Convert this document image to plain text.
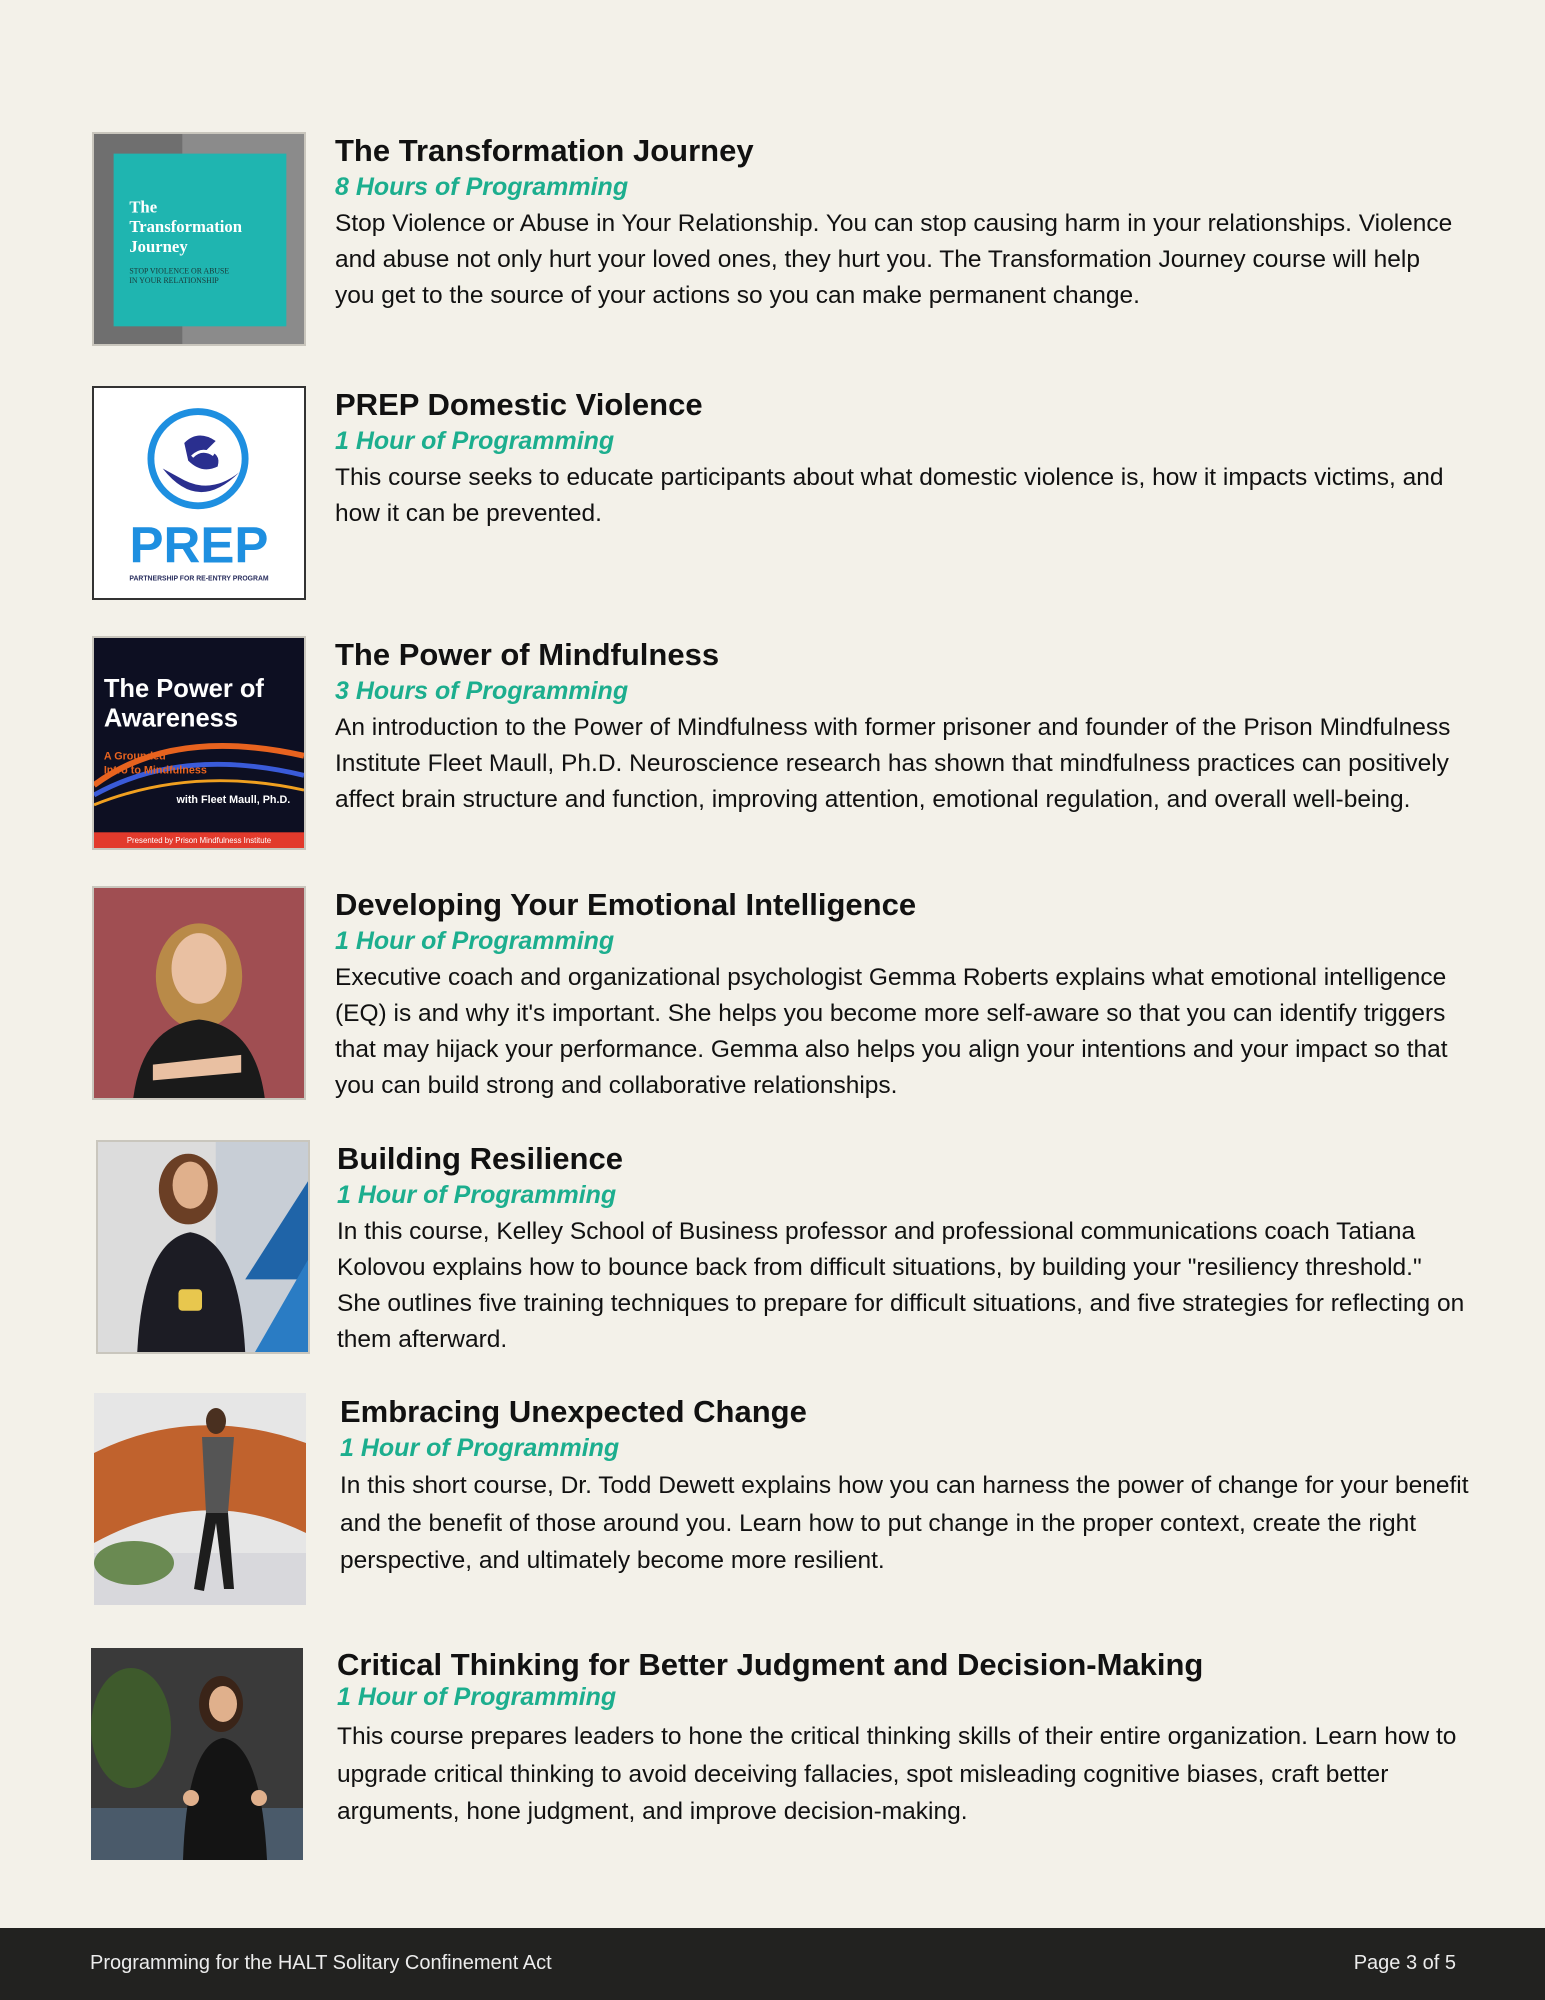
The
Transformation
Journey
STOP VIOLENCE OR ABUSE
IN YOUR RELATIONSHIP

The Transformation Journey

8 Hours of Programming

Stop Violence or Abuse in Your Relationship. You can stop causing harm in your relationships. Violence and abuse not only hurt your loved ones, they hurt you. The Transformation Journey course will help you get to the source of your actions so you can make permanent change.

PREP
PARTNERSHIP FOR RE-ENTRY PROGRAM

PREP Domestic Violence

1 Hour of Programming

This course seeks to educate participants about what domestic violence is, how it impacts victims, and how it can be prevented.

The Power of
Awareness
A Grounded
Intro to Mindfulness
with Fleet Maull, Ph.D.
Presented by Prison Mindfulness Institute

The Power of Mindfulness

3 Hours of Programming

An introduction to the Power of Mindfulness with former prisoner and founder of the Prison Mindfulness Institute Fleet Maull, Ph.D. Neuroscience research has shown that mindfulness practices can positively affect brain structure and function, improving attention, emotional regulation, and overall well-being.

Developing Your Emotional Intelligence

1 Hour of Programming

Executive coach and organizational psychologist Gemma Roberts explains what emotional intelligence (EQ) is and why it's important. She helps you become more self-aware so that you can identify triggers that may hijack your performance. Gemma also helps you align your intentions and your impact so that you can build strong and collaborative relationships.

Building Resilience

1 Hour of Programming

In this course, Kelley School of Business professor and professional communications coach Tatiana Kolovou explains how to bounce back from difficult situations, by building your "resiliency threshold." She outlines five training techniques to prepare for difficult situations, and five strategies for reflecting on them afterward.

Embracing Unexpected Change

1 Hour of Programming

In this short course, Dr. Todd Dewett explains how you can harness the power of change for your benefit and the benefit of those around you. Learn how to put change in the proper context, create the right perspective, and ultimately become more resilient.

Critical Thinking for Better Judgment and Decision-Making

1 Hour of Programming

This course prepares leaders to hone the critical thinking skills of their entire organization. Learn how to upgrade critical thinking to avoid deceiving fallacies, spot misleading cognitive biases, craft better arguments, hone judgment, and improve decision-making.

Programming for the HALT Solitary Confinement Act	Page 3 of 5
